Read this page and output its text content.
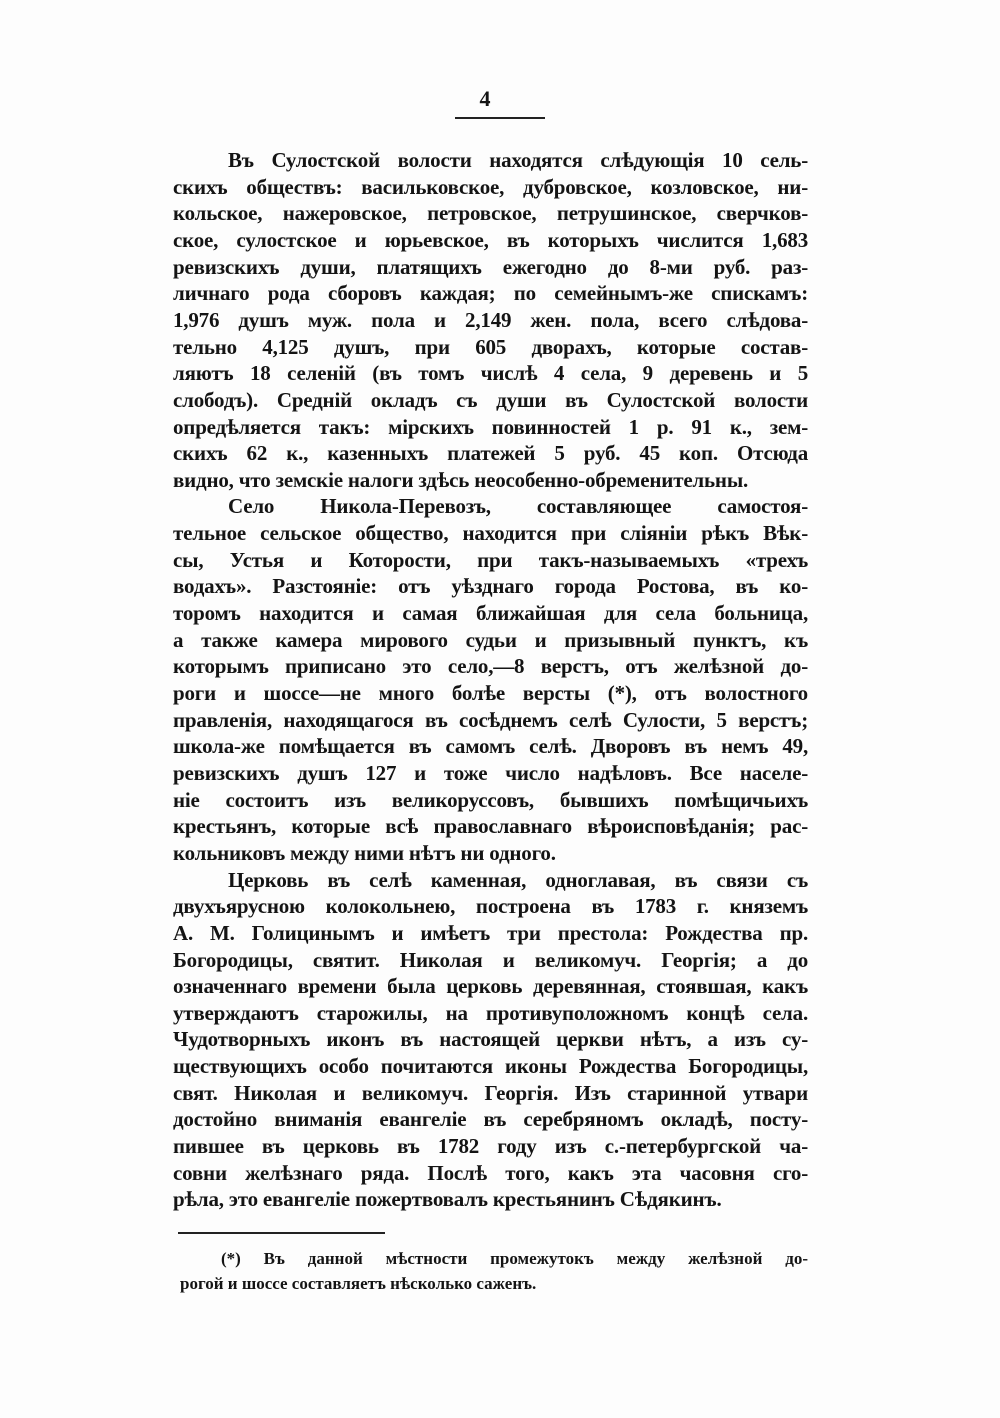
4
Въ Сулостской волости находятся слѣдующія 10 сель-
скихъ обществъ: васильковское, дубровское, козловское, ни-
кольское, нажеровское, петровское, петрушинское, сверчков-
ское, сулостское и юрьевское, въ которыхъ числится 1,683
ревизскихъ души, платящихъ ежегодно до 8-ми руб. раз-
личнаго рода сборовъ каждая; по семейнымъ-же спискамъ:
1,976 душъ муж. пола и 2,149 жен. пола, всего слѣдова-
тельно 4,125 душъ, при 605 дворахъ, которые состав-
ляютъ 18 селеній (въ томъ числѣ 4 села, 9 деревень и 5
слободъ). Средній окладъ съ души въ Сулостской волости
опредѣляется такъ: мірскихъ повинностей 1 р. 91 к., зем-
скихъ 62 к., казенныхъ платежей 5 руб. 45 коп. Отсюда
видно, что земскіе налоги здѣсь неособенно-обременительны.
Село Никола-Перевозъ, составляющее самостоя-
тельное сельское общество, находится при сліяніи рѣкъ Вѣк-
сы, Устья и Которости, при такъ-называемыхъ «трехъ
водахъ». Разстояніе: отъ уѣзднаго города Ростова, въ ко-
торомъ находится и самая ближайшая для села больница,
а также камера мирового судьи и призывный пунктъ, къ
которымъ приписано это село,—8 верстъ, отъ желѣзной до-
роги и шоссе—не много болѣе версты (*), отъ волостного
правленія, находящагося въ сосѣднемъ селѣ Сулости, 5 верстъ;
школа-же помѣщается въ самомъ селѣ. Дворовъ въ немъ 49,
ревизскихъ душъ 127 и тоже число надѣловъ. Все населе-
ніе состоитъ изъ великоруссовъ, бывшихъ помѣщичьихъ
крестьянъ, которые всѣ православнаго вѣроисповѣданія; рас-
кольниковъ между ними нѣтъ ни одного.
Церковь въ селѣ каменная, одноглавая, въ связи съ
двухъярусною колокольнею, построена въ 1783 г. княземъ
А. М. Голицинымъ и имѣетъ три престола: Рождества пр.
Богородицы, святит. Николая и великомуч. Георгія; а до
означеннаго времени была церковь деревянная, стоявшая, какъ
утверждаютъ старожилы, на противуположномъ концѣ села.
Чудотворныхъ иконъ въ настоящей церкви нѣтъ, а изъ су-
ществующихъ особо почитаются иконы Рождества Богородицы,
свят. Николая и великомуч. Георгія. Изъ старинной утвари
достойно вниманія евангеліе въ серебряномъ окладѣ, посту-
пившее въ церковь въ 1782 году изъ с.-петербургской ча-
совни желѣзнаго ряда. Послѣ того, какъ эта часовня сго-
рѣла, это евангеліе пожертвовалъ крестьянинъ Сѣдякинъ.
(*) Въ данной мѣстности промежутокъ между желѣзной до-
рогой и шоссе составляетъ нѣсколько саженъ.
